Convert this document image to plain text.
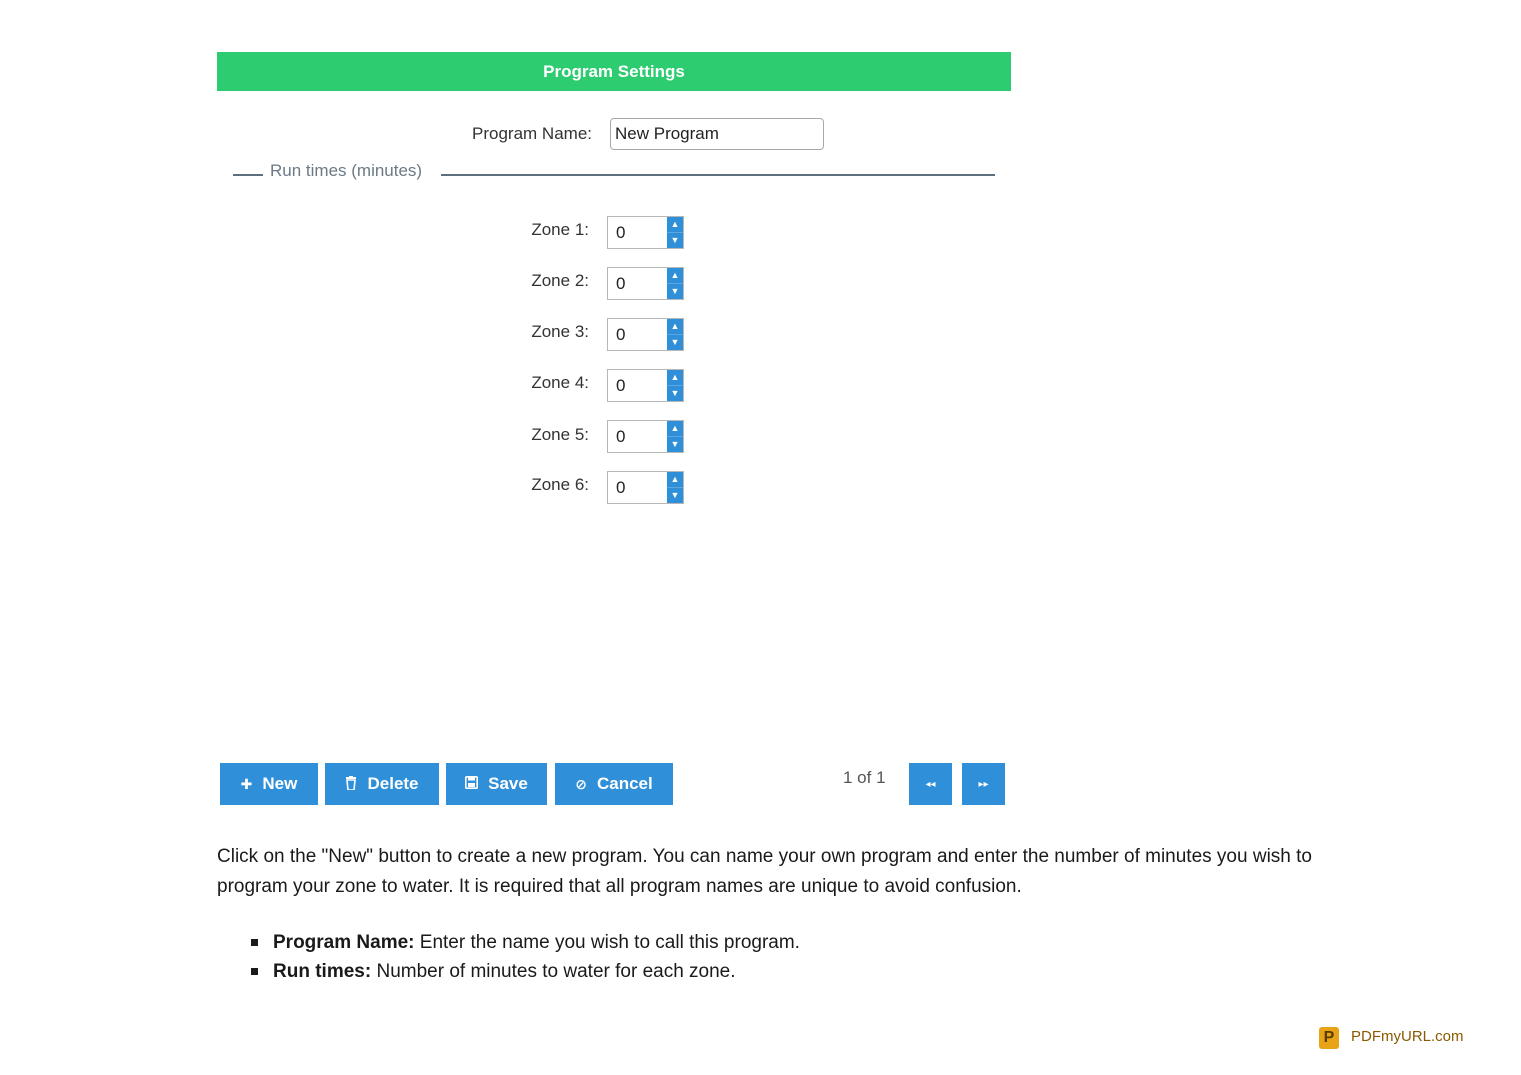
Program Settings
Program Name:
New Program
Run times (minutes)
Zone 1:
0	▲
▼
Zone 2:
0	▲
▼
Zone 3:
0	▲
▼
Zone 4:
0	▲
▼
Zone 5:
0	▲
▼
Zone 6:
0	▲
▼
✚ New	Delete	Save	⊘ Cancel	1 of 1	◂◂	▸▸
Click on the "New" button to create a new program. You can name your own program and enter the number of minutes you wish to program your zone to water. It is required that all program names are unique to avoid confusion.
Program Name: Enter the name you wish to call this program.
Run times: Number of minutes to water for each zone.
P	PDFmyURL.com
